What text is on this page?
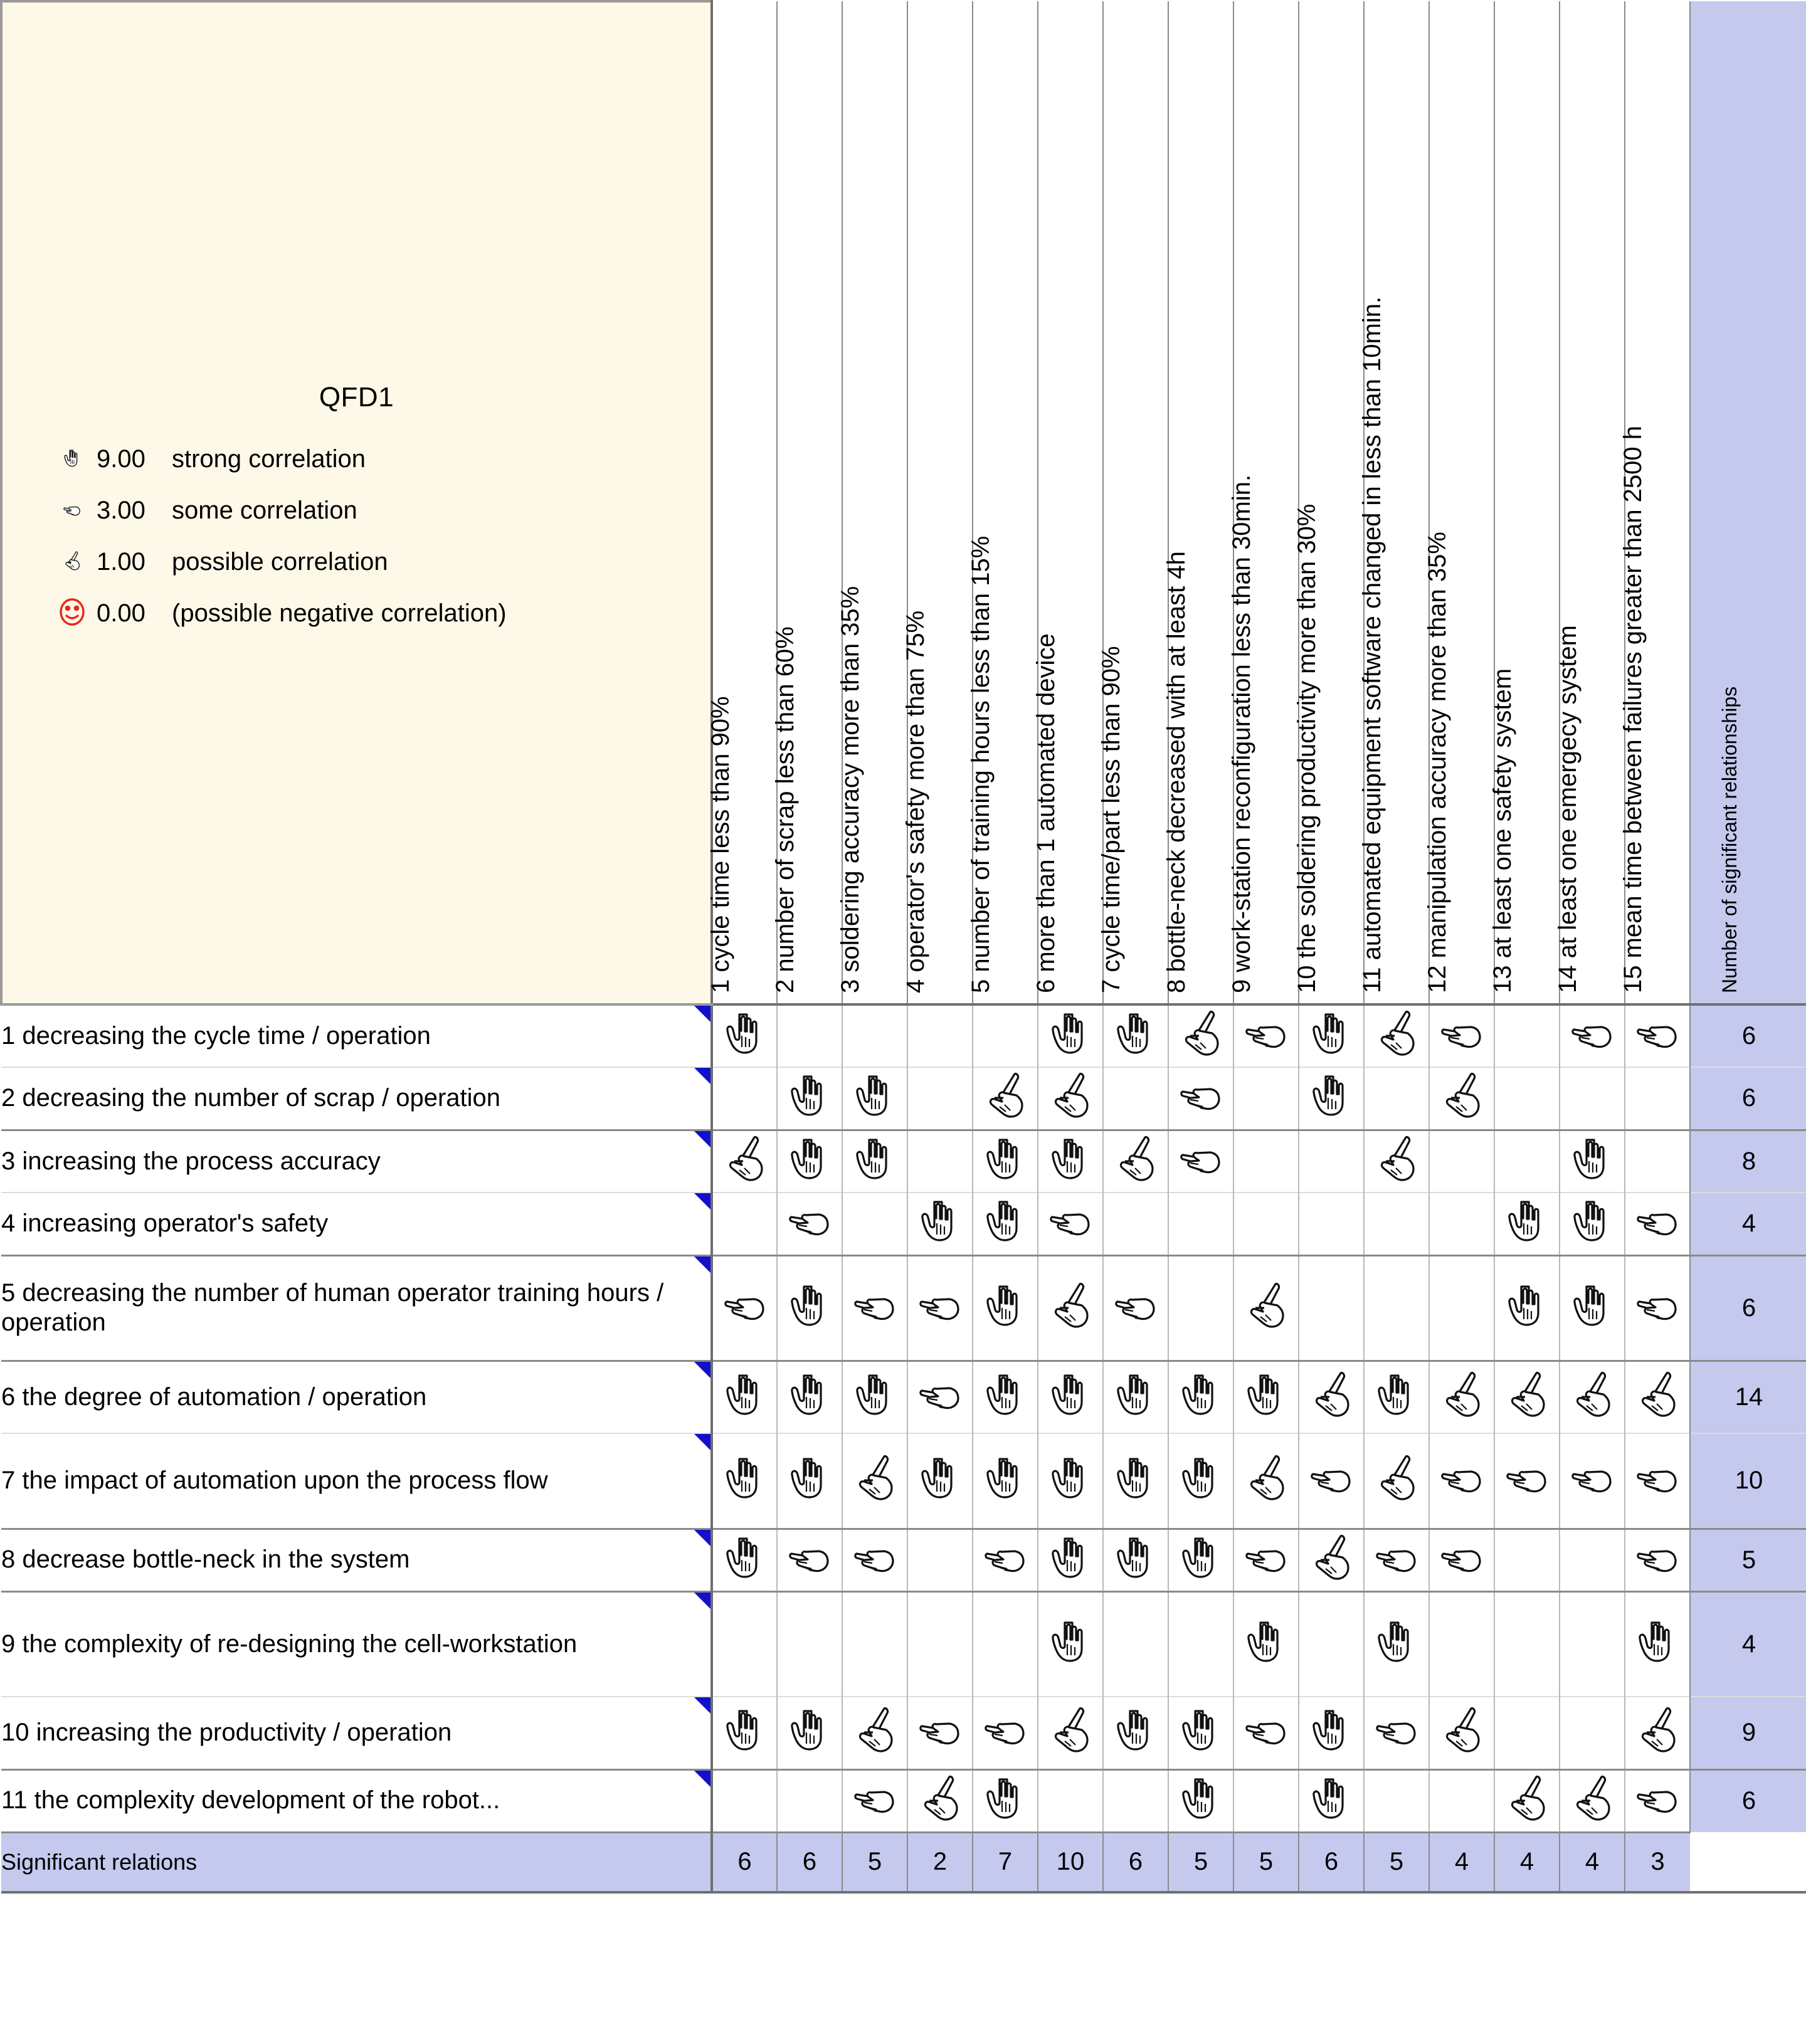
QFD1
9.00	strong correlation
3.00	some correlation
1.00	possible correlation
0.00	(possible negative correlation)

1 cycle time less than 90%	2 number of scrap less than 60%	3 soldering accuracy more than 35%	4 operator's safety more than 75%	5 number of training hours less than 15%	6 more than 1 automated device	7 cycle time/part less than 90%	8 bottle-neck decreased with at least 4h	9 work-station reconfiguration less than 30min.	10 the soldering productivity more than 30%	11 automated equipment software changed in less than 10min.	12 manipulation accuracy more than 35%	13 at least one safety system	14 at least one emergecy system	15 mean time between failures greater than 2500 h	Number of significant relationships

1 decreasing the cycle time / operation																6

2 decreasing the number of scrap / operation																6

3 increasing the process accuracy																8

4 increasing operator's safety																4

5 decreasing the number of human operator training hours / operation																6

6 the degree of automation / operation																14

7 the impact of automation upon the process flow																10

8 decrease bottle-neck in the system																5

9 the complexity of re-designing the cell-workstation																4

10 increasing the productivity / operation																9

11 the complexity development of the robot...																6
Significant relations	6	6	5	2	7	10	6	5	5	6	5	4	4	4	3	
